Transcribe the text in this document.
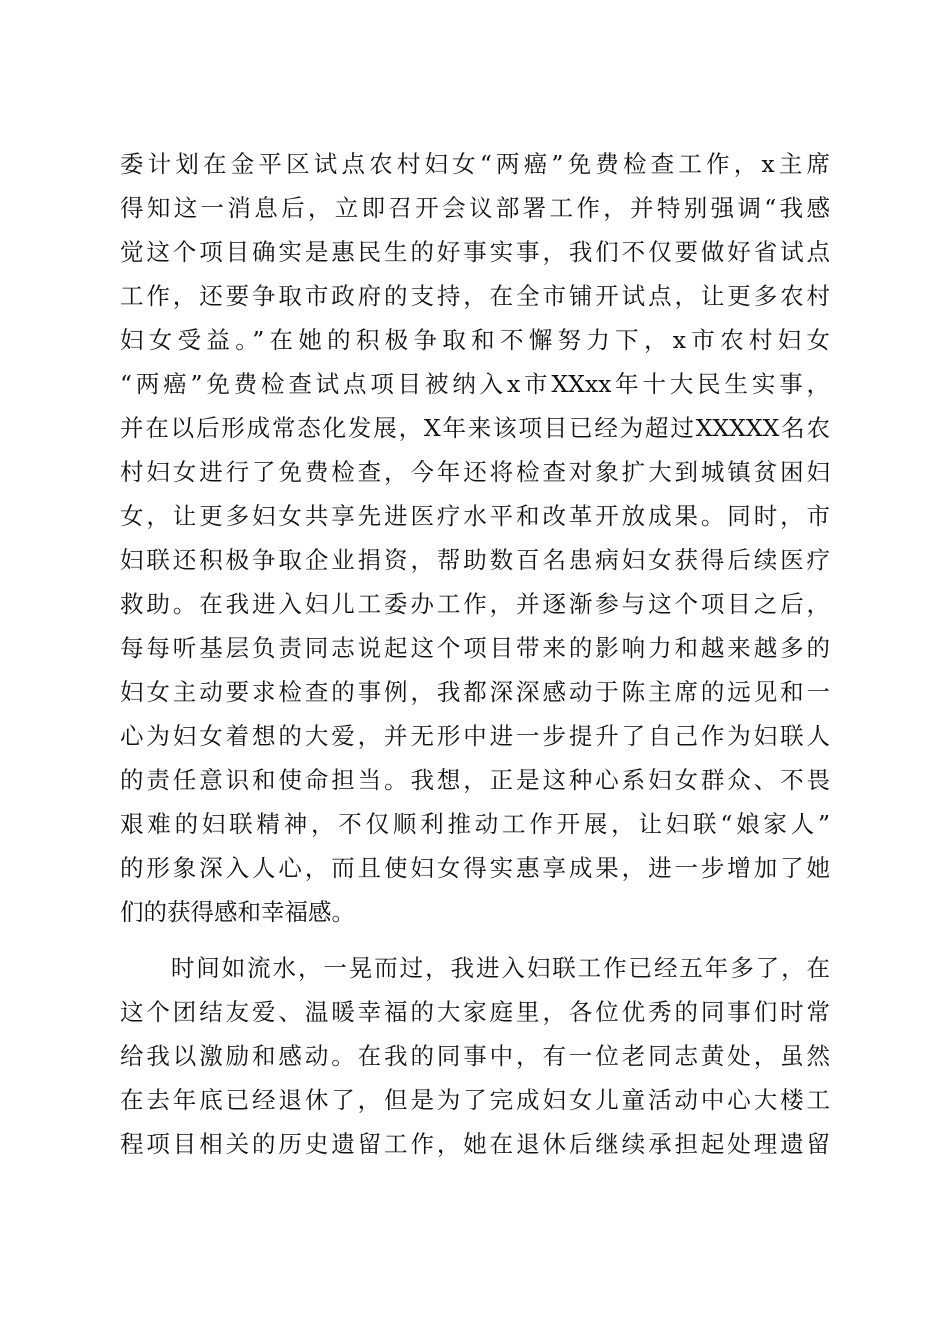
委计划在金平区试点农村妇女“两癌”免费检查工作，x主席
得知这一消息后，立即召开会议部署工作，并特别强调“我感
觉这个项目确实是惠民生的好事实事，我们不仅要做好省试点
工作，还要争取市政府的支持，在全市铺开试点，让更多农村
妇女受益。”在她的积极争取和不懈努力下，x市农村妇女
“两癌”免费检查试点项目被纳入x市XXxx年十大民生实事，
并在以后形成常态化发展，X年来该项目已经为超过XXXXX名农
村妇女进行了免费检查，今年还将检查对象扩大到城镇贫困妇
女，让更多妇女共享先进医疗水平和改革开放成果。同时，市
妇联还积极争取企业捐资，帮助数百名患病妇女获得后续医疗
救助。在我进入妇儿工委办工作，并逐渐参与这个项目之后，
每每听基层负责同志说起这个项目带来的影响力和越来越多的
妇女主动要求检查的事例，我都深深感动于陈主席的远见和一
心为妇女着想的大爱，并无形中进一步提升了自己作为妇联人
的责任意识和使命担当。我想，正是这种心系妇女群众、不畏
艰难的妇联精神，不仅顺利推动工作开展，让妇联“娘家人”
的形象深入人心，而且使妇女得实惠享成果，进一步增加了她
们的获得感和幸福感。
　　时间如流水，一晃而过，我进入妇联工作已经五年多了，在
这个团结友爱、温暖幸福的大家庭里，各位优秀的同事们时常
给我以激励和感动。在我的同事中，有一位老同志黄处，虽然
在去年底已经退休了，但是为了完成妇女儿童活动中心大楼工
程项目相关的历史遗留工作，她在退休后继续承担起处理遗留
